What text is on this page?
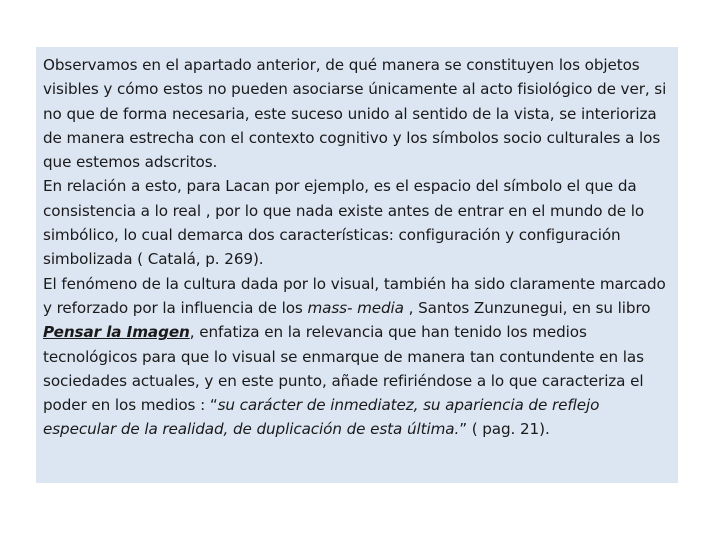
Observamos en el apartado anterior, de qué manera se constituyen los objetos visibles y cómo estos no pueden asociarse únicamente al acto fisiológico de ver, si no que de forma necesaria, este suceso unido al sentido de la vista, se interioriza de manera estrecha con el contexto cognitivo y los símbolos socio culturales a los que estemos adscritos.

En relación a esto, para Lacan por ejemplo, es el espacio del símbolo el que da consistencia a lo real , por lo que nada existe antes de entrar en el mundo de lo simbólico, lo cual demarca dos características: configuración y configuración simbolizada ( Catalá, p. 269).

El fenómeno de la cultura dada por lo visual, también ha sido claramente marcado y reforzado por la influencia de los mass- media , Santos Zunzunegui, en su libro Pensar la Imagen, enfatiza en la relevancia que han tenido los medios tecnológicos para que lo visual se enmarque de manera tan contundente en las sociedades actuales, y en este punto, añade refiriéndose a lo que caracteriza el poder en los medios : “su carácter de inmediatez, su apariencia de reflejo especular de la realidad, de duplicación de esta última.” ( pag. 21).
